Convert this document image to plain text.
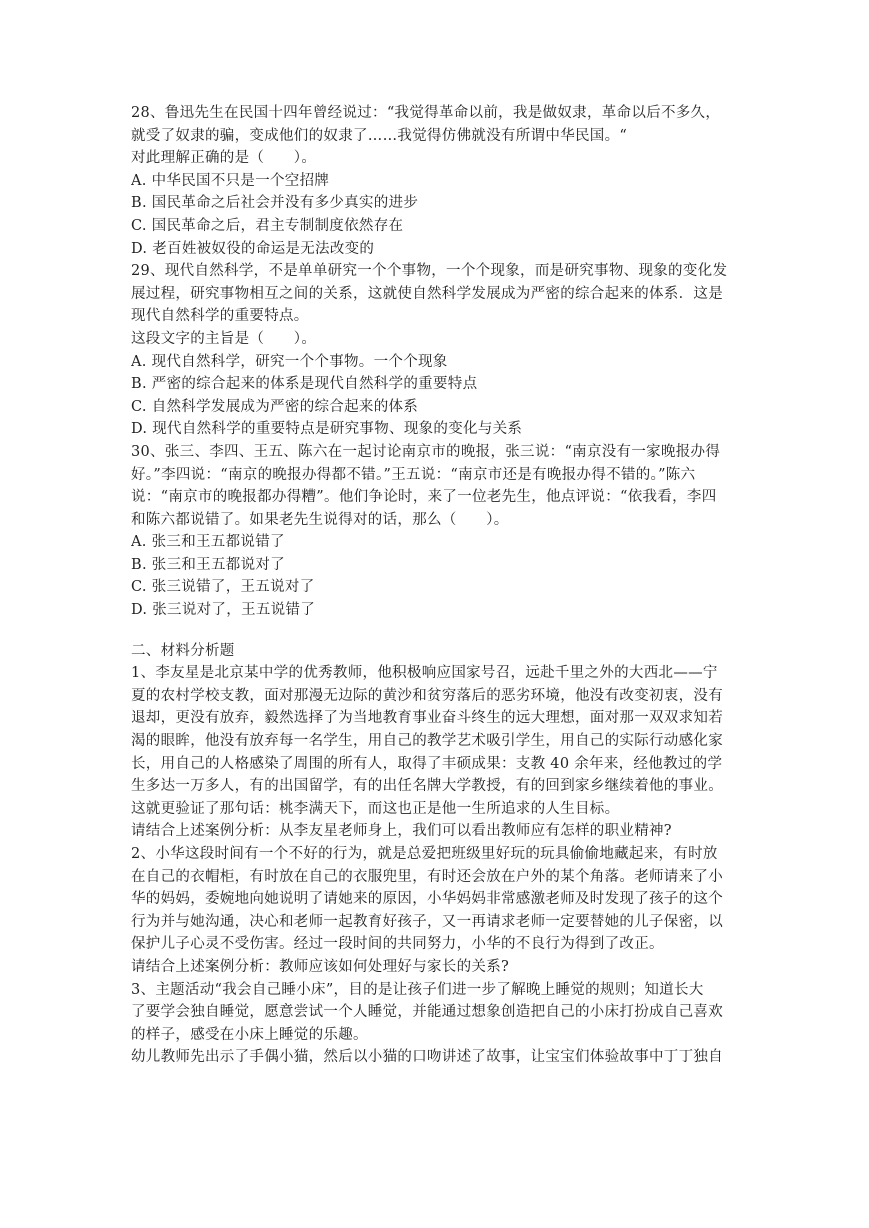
28、鲁迅先生在民国十四年曾经说过：“我觉得革命以前，我是做奴隶，革命以后不多久，
就受了奴隶的骗，变成他们的奴隶了……我觉得仿佛就没有所谓中华民国。“
对此理解正确的是（　　）。
A. 中华民国不只是一个空招牌
B. 国民革命之后社会并没有多少真实的进步
C. 国民革命之后，君主专制制度依然存在
D. 老百姓被奴役的命运是无法改变的
29、现代自然科学，不是单单研究一个个事物，一个个现象，而是研究事物、现象的变化发
展过程，研究事物相互之间的关系，这就使自然科学发展成为严密的综合起来的体系．这是
现代自然科学的重要特点。
这段文字的主旨是（　　）。
A. 现代自然科学，研究一个个事物。一个个现象
B. 严密的综合起来的体系是现代自然科学的重要特点
C. 自然科学发展成为严密的综合起来的体系
D. 现代自然科学的重要特点是研究事物、现象的变化与关系
30、张三、李四、王五、陈六在一起讨论南京市的晚报，张三说：“南京没有一家晚报办得
好。”李四说：“南京的晚报办得都不错。”王五说：“南京市还是有晚报办得不错的。”陈六
说：“南京市的晚报都办得糟”。他们争论时，来了一位老先生，他点评说：“依我看，李四
和陈六都说错了。如果老先生说得对的话，那么（　　）。
A. 张三和王五都说错了
B. 张三和王五都说对了
C. 张三说错了，王五说对了
D. 张三说对了，王五说错了
二、材料分析题
1、李友星是北京某中学的优秀教师，他积极响应国家号召，远赴千里之外的大西北——宁
夏的农村学校支教，面对那漫无边际的黄沙和贫穷落后的恶劣环境，他没有改变初衷，没有
退却，更没有放弃，毅然选择了为当地教育事业奋斗终生的远大理想，面对那一双双求知若
渴的眼眸，他没有放弃每一名学生，用自己的教学艺术吸引学生，用自己的实际行动感化家
长，用自己的人格感染了周围的所有人，取得了丰硕成果：支教 40 余年来，经他教过的学
生多达一万多人，有的出国留学，有的出任名牌大学教授，有的回到家乡继续着他的事业。
这就更验证了那句话：桃李满天下，而这也正是他一生所追求的人生目标。
请结合上述案例分析：从李友星老师身上，我们可以看出教师应有怎样的职业精神?
2、小华这段时间有一个不好的行为，就是总爱把班级里好玩的玩具偷偷地藏起来，有时放
在自己的衣帽柜，有时放在自己的衣服兜里，有时还会放在户外的某个角落。老师请来了小
华的妈妈，委婉地向她说明了请她来的原因，小华妈妈非常感激老师及时发现了孩子的这个
行为并与她沟通，决心和老师一起教育好孩子，又一再请求老师一定要替她的儿子保密，以
保护儿子心灵不受伤害。经过一段时间的共同努力，小华的不良行为得到了改正。
请结合上述案例分析：教师应该如何处理好与家长的关系?
3、主题活动“我会自己睡小床”，目的是让孩子们进一步了解晚上睡觉的规则；知道长大
了要学会独自睡觉，愿意尝试一个人睡觉，并能通过想象创造把自己的小床打扮成自己喜欢
的样子，感受在小床上睡觉的乐趣。
幼儿教师先出示了手偶小猫，然后以小猫的口吻讲述了故事，让宝宝们体验故事中丁丁独自
